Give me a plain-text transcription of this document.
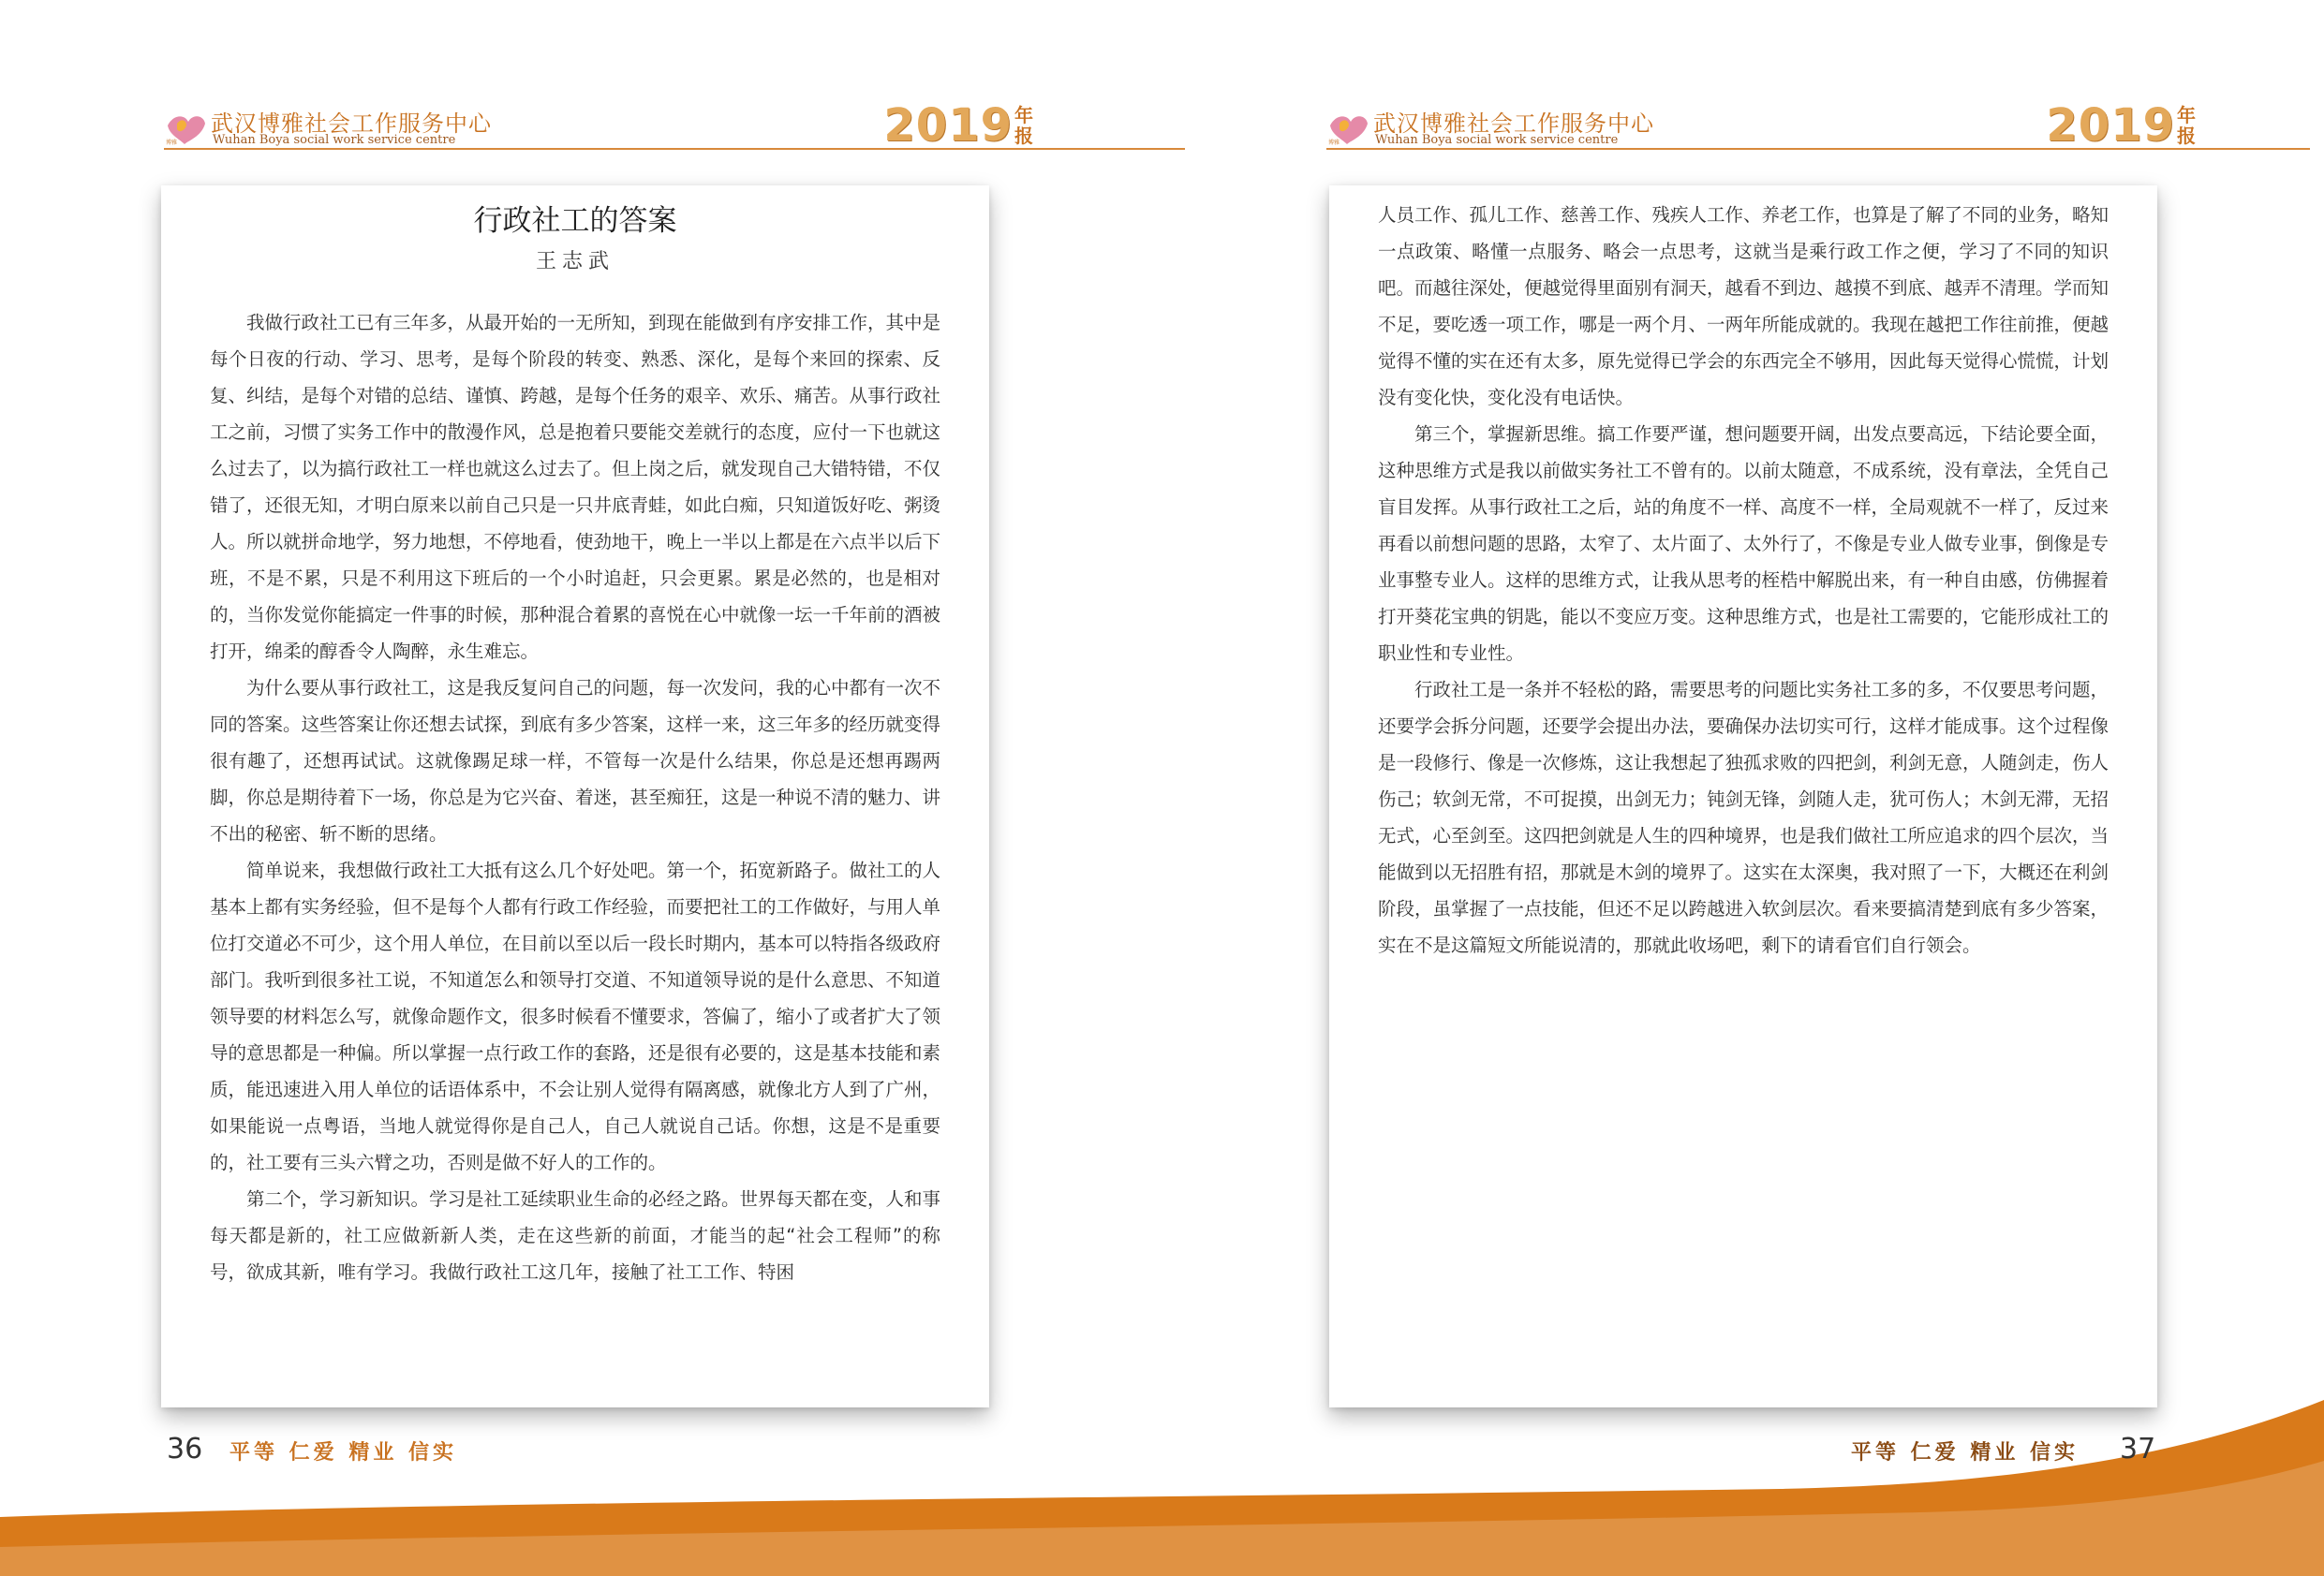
博雅
武汉博雅社会工作服务中心
Wuhan Boya social work service centre	2019 年报
行政社工的答案
王志武

我做行政社工已有三年多，从最开始的一无所知，到现在能做到有序安排工作，其中是每个日夜的行动、学习、思考，是每个阶段的转变、熟悉、深化，是每个来回的探索、反复、纠结，是每个对错的总结、谨慎、跨越，是每个任务的艰辛、欢乐、痛苦。从事行政社工之前，习惯了实务工作中的散漫作风，总是抱着只要能交差就行的态度，应付一下也就这么过去了，以为搞行政社工一样也就这么过去了。但上岗之后，就发现自己大错特错，不仅错了，还很无知，才明白原来以前自己只是一只井底青蛙，如此白痴，只知道饭好吃、粥烫人。所以就拼命地学，努力地想，不停地看，使劲地干，晚上一半以上都是在六点半以后下班，不是不累，只是不利用这下班后的一个小时追赶，只会更累。累是必然的，也是相对的，当你发觉你能搞定一件事的时候，那种混合着累的喜悦在心中就像一坛一千年前的酒被打开，绵柔的醇香令人陶醉，永生难忘。

为什么要从事行政社工，这是我反复问自己的问题，每一次发问，我的心中都有一次不同的答案。这些答案让你还想去试探，到底有多少答案，这样一来，这三年多的经历就变得很有趣了，还想再试试。这就像踢足球一样，不管每一次是什么结果，你总是还想再踢两脚，你总是期待着下一场，你总是为它兴奋、着迷，甚至痴狂，这是一种说不清的魅力、讲不出的秘密、斩不断的思绪。

简单说来，我想做行政社工大抵有这么几个好处吧。第一个，拓宽新路子。做社工的人基本上都有实务经验，但不是每个人都有行政工作经验，而要把社工的工作做好，与用人单位打交道必不可少，这个用人单位，在目前以至以后一段长时期内，基本可以特指各级政府部门。我听到很多社工说，不知道怎么和领导打交道、不知道领导说的是什么意思、不知道领导要的材料怎么写，就像命题作文，很多时候看不懂要求，答偏了，缩小了或者扩大了领导的意思都是一种偏。所以掌握一点行政工作的套路，还是很有必要的，这是基本技能和素质，能迅速进入用人单位的话语体系中，不会让别人觉得有隔离感，就像北方人到了广州，如果能说一点粤语，当地人就觉得你是自己人，自己人就说自己话。你想，这是不是重要的，社工要有三头六臂之功，否则是做不好人的工作的。

第二个，学习新知识。学习是社工延续职业生命的必经之路。世界每天都在变，人和事每天都是新的，社工应做新新人类，走在这些新的前面，才能当的起“社会工程师”的称号，欲成其新，唯有学习。我做行政社工这几年，接触了社工工作、特困

36 平等 仁爱 精业 信实
博雅
武汉博雅社会工作服务中心
Wuhan Boya social work service centre	2019 年报

人员工作、孤儿工作、慈善工作、残疾人工作、养老工作，也算是了解了不同的业务，略知一点政策、略懂一点服务、略会一点思考，这就当是乘行政工作之便，学习了不同的知识吧。而越往深处，便越觉得里面别有洞天，越看不到边、越摸不到底、越弄不清理。学而知不足，要吃透一项工作，哪是一两个月、一两年所能成就的。我现在越把工作往前推，便越觉得不懂的实在还有太多，原先觉得已学会的东西完全不够用，因此每天觉得心慌慌，计划没有变化快，变化没有电话快。

第三个，掌握新思维。搞工作要严谨，想问题要开阔，出发点要高远，下结论要全面，这种思维方式是我以前做实务社工不曾有的。以前太随意，不成系统，没有章法，全凭自己盲目发挥。从事行政社工之后，站的角度不一样、高度不一样，全局观就不一样了，反过来再看以前想问题的思路，太窄了、太片面了、太外行了，不像是专业人做专业事，倒像是专业事整专业人。这样的思维方式，让我从思考的桎梏中解脱出来，有一种自由感，仿佛握着打开葵花宝典的钥匙，能以不变应万变。这种思维方式，也是社工需要的，它能形成社工的职业性和专业性。

行政社工是一条并不轻松的路，需要思考的问题比实务社工多的多，不仅要思考问题，还要学会拆分问题，还要学会提出办法，要确保办法切实可行，这样才能成事。这个过程像是一段修行、像是一次修炼，这让我想起了独孤求败的四把剑，利剑无意，人随剑走，伤人伤己；软剑无常，不可捉摸，出剑无力；钝剑无锋，剑随人走，犹可伤人；木剑无滞，无招无式，心至剑至。这四把剑就是人生的四种境界，也是我们做社工所应追求的四个层次，当能做到以无招胜有招，那就是木剑的境界了。这实在太深奥，我对照了一下，大概还在利剑阶段，虽掌握了一点技能，但还不足以跨越进入软剑层次。看来要搞清楚到底有多少答案，实在不是这篇短文所能说清的，那就此收场吧，剩下的请看官们自行领会。

平等 仁爱 精业 信实 37
